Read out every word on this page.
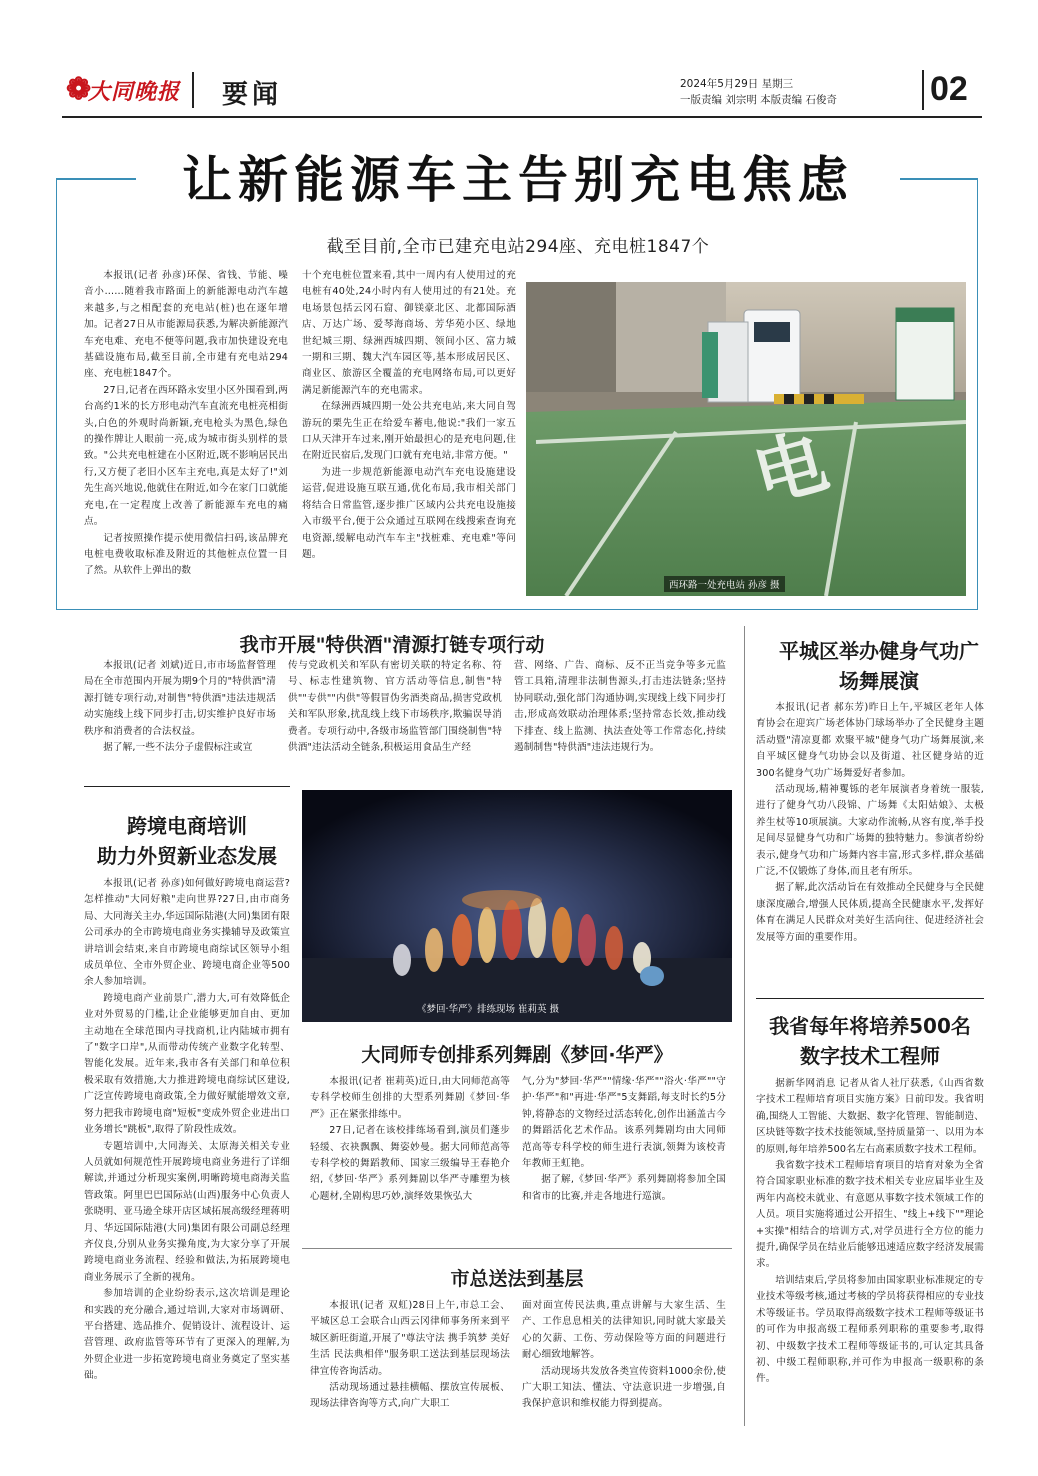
❁
大同晚报 要闻	2024年5月29日 星期三
一版责编 刘宗明 本版责编 石俊奇	02
让新能源车主告别充电焦虑
截至目前,全市已建充电站294座、充电桩1847个

本报讯(记者 孙彦)环保、省钱、节能、噪音小……随着我市路面上的新能源电动汽车越来越多,与之相配套的充电站(桩)也在逐年增加。记者27日从市能源局获悉,为解决新能源汽车充电难、充电不便等问题,我市加快建设充电基础设施布局,截至目前,全市建有充电站294座、充电桩1847个。

27日,记者在西环路永安里小区外围看到,两台高约1米的长方形电动汽车直流充电桩亮相街头,白色的外观时尚新颖,充电枪头为黑色,绿色的操作牌让人眼前一亮,成为城市街头别样的景致。"公共充电桩建在小区附近,既不影响居民出行,又方便了老旧小区车主充电,真是太好了!"刘先生高兴地说,他就住在附近,如今在家门口就能充电,在一定程度上改善了新能源车充电的痛点。

记者按照操作提示使用微信扫码,该品牌充电桩电费收取标准及附近的其他桩点位置一目了然。从软件上弹出的数

十个充电桩位置来看,其中一周内有人使用过的充电桩有40处,24小时内有人使用过的有21处。充电场景包括云冈石窟、御镁豪北区、北都国际酒店、万达广场、爱琴海商场、芳华苑小区、绿地世纪城三期、绿洲西城四期、领间小区、富力城一期和三期、魏大汽车园区等,基本形成居民区、商业区、旅游区全覆盖的充电网络布局,可以更好满足新能源汽车的充电需求。

在绿洲西城四期一处公共充电站,来大同自驾游玩的栗先生正在给爱车蓄电,他说:"我们一家五口从天津开车过来,刚开始最担心的是充电问题,住在附近民宿后,发现门口就有充电站,非常方便。"

为进一步规范新能源电动汽车充电设施建设运营,促进设施互联互通,优化布局,我市相关部门将结合日常监管,逐步推广区域内公共充电设施接入市级平台,便于公众通过互联网在线搜索查询充电资源,缓解电动汽车车主"找桩难、充电难"等问题。

电
西环路一处充电站 孙彦 摄
我市开展"特供酒"清源打链专项行动

本报讯(记者 刘斌)近日,市市场监督管理局在全市范围内开展为期9个月的"特供酒"清源打链专项行动,对制售"特供酒"违法违规活动实施线上线下同步打击,切实维护良好市场秩序和消费者的合法权益。

据了解,一些不法分子虚假标注或宣

传与党政机关和军队有密切关联的特定名称、符号、标志性建筑物、官方活动等信息,制售"特供""专供""内供"等假冒伪劣酒类商品,损害党政机关和军队形象,扰乱线上线下市场秩序,欺骗误导消费者。专项行动中,各级市场监管部门围绕制售"特供酒"违法活动全链条,积极运用食品生产经

营、网络、广告、商标、反不正当竞争等多元监管工具箱,清理非法制售源头,打击违法链条;坚持协同联动,强化部门沟通协调,实现线上线下同步打击,形成高效联动治理体系;坚持常态长效,推动线下排查、线上监测、执法查处等工作常态化,持续遏制制售"特供酒"违法违规行为。

平城区举办健身气功广场舞展演

本报讯(记者 郝东芳)昨日上午,平城区老年人体育协会在迎宾广场老体协门球场举办了全民健身主题活动暨"清凉夏都 欢聚平城"健身气功广场舞展演,来自平城区健身气功协会以及街道、社区健身站的近300名健身气功广场舞爱好者参加。

活动现场,精神矍铄的老年展演者身着统一服装,进行了健身气功八段锦、广场舞《太阳姑娘》、太极养生杖等10项展演。大家动作流畅,从容有度,举手投足间尽显健身气功和广场舞的独特魅力。参演者纷纷表示,健身气功和广场舞内容丰富,形式多样,群众基础广泛,不仅锻炼了身体,而且老有所乐。

据了解,此次活动旨在有效推动全民健身与全民健康深度融合,增强人民体质,提高全民健康水平,发挥好体育在满足人民群众对美好生活向往、促进经济社会发展等方面的重要作用。

我省每年将培养500名
数字技术工程师

据新华网消息 记者从省人社厅获悉,《山西省数字技术工程师培育项目实施方案》日前印发。我省明确,围绕人工智能、大数据、数字化管理、智能制造、区块链等数字技术技能领域,坚持质量第一、以用为本的原则,每年培养500名左右高素质数字技术工程师。

我省数字技术工程师培育项目的培育对象为全省符合国家职业标准的数字技术相关专业应届毕业生及两年内高校未就业、有意愿从事数字技术领域工作的人员。项目实施将通过公开招生、"线上+线下""理论+实操"相结合的培训方式,对学员进行全方位的能力提升,确保学员在结业后能够迅速适应数字经济发展需求。

培训结束后,学员将参加由国家职业标准规定的专业技术等级考核,通过考核的学员将获得相应的专业技术等级证书。学员取得高级数字技术工程师等级证书的可作为申报高级工程师系列职称的重要参考,取得初、中级数字技术工程师等级证书的,可认定其具备初、中级工程师职称,并可作为申报高一级职称的条件。

跨境电商培训
助力外贸新业态发展

本报讯(记者 孙彦)如何做好跨境电商运营?怎样推动"大同好粮"走向世界?27日,由市商务局、大同海关主办,华远国际陆港(大同)集团有限公司承办的全市跨境电商业务实操辅导及政策宣讲培训会结束,来自市跨境电商综试区领导小组成员单位、全市外贸企业、跨境电商企业等500余人参加培训。

跨境电商产业前景广,潜力大,可有效降低企业对外贸易的门槛,让企业能够更加自由、更加主动地在全球范围内寻找商机,让内陆城市拥有了"数字口岸",从而带动传统产业数字化转型、智能化发展。近年来,我市各有关部门和单位积极采取有效措施,大力推进跨境电商综试区建设,广泛宣传跨境电商政策,全力做好赋能增效文章,努力把我市跨境电商"短板"变成外贸企业进出口业务增长"跳板",取得了阶段性成效。

专题培训中,大同海关、太原海关相关专业人员就如何规范性开展跨境电商业务进行了详细解读,并通过分析现实案例,明晰跨境电商海关监管政策。阿里巴巴国际站(山西)服务中心负责人张晓明、亚马逊全球开店区域拓展高级经理蒋明月、华远国际陆港(大同)集团有限公司副总经理齐仪良,分别从业务实操角度,为大家分享了开展跨境电商业务流程、经验和做法,为拓展跨境电商业务展示了全新的视角。

参加培训的企业纷纷表示,这次培训是理论和实践的充分融合,通过培训,大家对市场调研、平台搭建、选品推介、促销设计、流程设计、运营管理、政府监管等环节有了更深入的理解,为外贸企业进一步拓宽跨境电商业务奠定了坚实基础。

《梦回·华严》排练现场 崔莉英 摄
大同师专创排系列舞剧《梦回·华严》

本报讯(记者 崔莉英)近日,由大同师范高等专科学校师生创排的大型系列舞剧《梦回·华严》正在紧张排练中。

27日,记者在该校排练场看到,演员们蓬步轻缓、衣袂飘飘、舞姿妙曼。据大同师范高等专科学校的舞蹈教师、国家三级编导王春艳介绍,《梦回·华严》系列舞剧以华严寺雕塑为核心题材,全剧构思巧妙,演绎效果恢弘大

气,分为"梦回·华严""情缘·华严""浴火·华严""守护·华严"和"再进·华严"5支舞蹈,每支时长约5分钟,将静态的文物经过活态转化,创作出涵盖古今的舞蹈活化艺术作品。该系列舞剧均由大同师范高等专科学校的师生进行表演,领舞为该校青年教师王虹艳。

据了解,《梦回·华严》系列舞剧将参加全国和省市的比赛,并走各地进行巡演。

市总送法到基层

本报讯(记者 双虹)28日上午,市总工会、平城区总工会联合山西云冈律师事务所来到平城区新旺街道,开展了"尊法守法 携手筑梦 美好生活 民法典相伴"服务职工送法到基层现场法律宣传咨询活动。

活动现场通过悬挂横幅、摆放宣传展板、现场法律咨询等方式,向广大职工

面对面宣传民法典,重点讲解与大家生活、生产、工作息息相关的法律知识,同时就大家最关心的欠薪、工伤、劳动保险等方面的问题进行耐心细致地解答。

活动现场共发放各类宣传资料1000余份,使广大职工知法、懂法、守法意识进一步增强,自我保护意识和维权能力得到提高。
